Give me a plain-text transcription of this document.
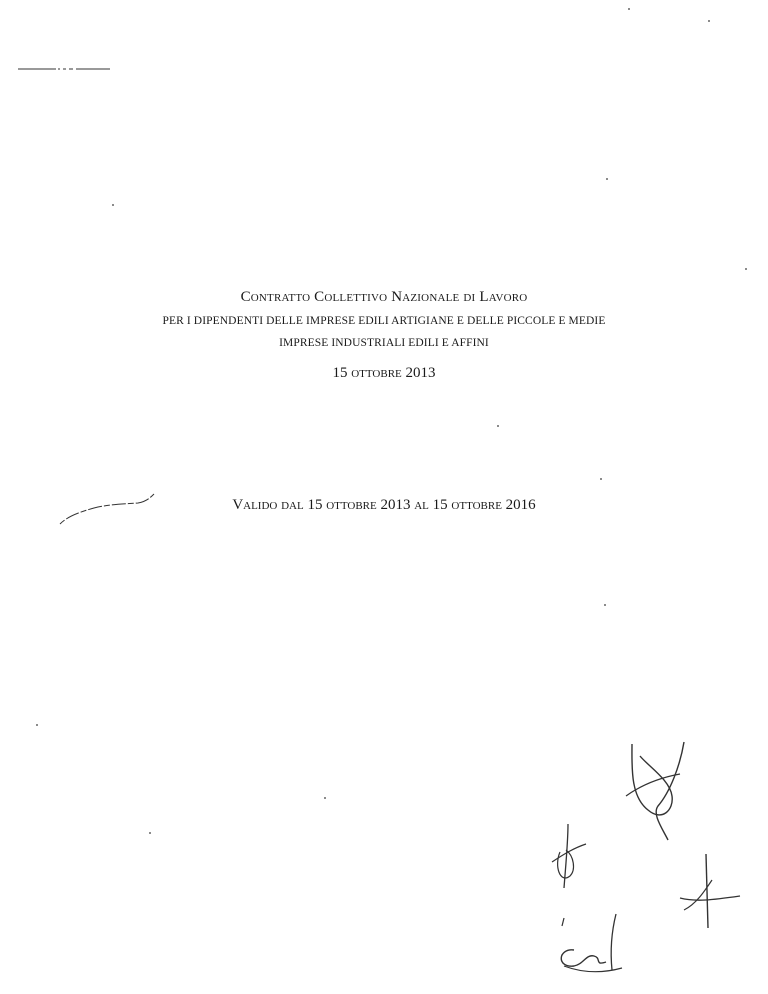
Contratto Collettivo Nazionale di Lavoro
PER I DIPENDENTI DELLE IMPRESE EDILI ARTIGIANE E DELLE PICCOLE E MEDIE
IMPRESE INDUSTRIALI EDILI E AFFINI
15 ottobre 2013
Valido dal 15 ottobre 2013 al 15 ottobre 2016
